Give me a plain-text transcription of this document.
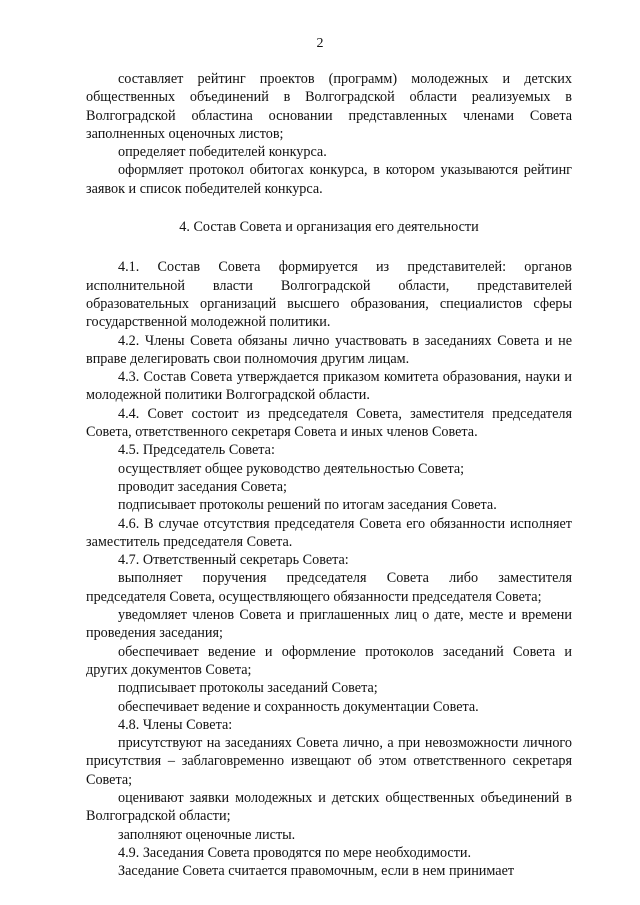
2

составляет рейтинг проектов (программ) молодежных и детских общественных объединений в Волгоградской области реализуемых в Волгоградской областина основании представленных членами Совета заполненных оценочных листов;

определяет победителей конкурса.

оформляет протокол обитогах конкурса, в котором указываются рейтинг заявок и список победителей конкурса.

4. Состав Совета и организация его деятельности

4.1. Состав Совета формируется из представителей: органов исполнительной власти Волгоградской области, представителей образовательных организаций высшего образования, специалистов сферы государственной молодежной политики.

4.2. Члены Совета обязаны лично участвовать в заседаниях Совета и не вправе делегировать свои полномочия другим лицам.

4.3. Состав Совета утверждается приказом комитета образования, науки и молодежной политики Волгоградской области.

4.4. Совет состоит из председателя Совета, заместителя председателя Совета, ответственного секретаря Совета и иных членов Совета.

4.5. Председатель Совета:

осуществляет общее руководство деятельностью Совета;

проводит заседания Совета;

подписывает протоколы решений по итогам заседания Совета.

4.6. В случае отсутствия председателя Совета его обязанности исполняет заместитель председателя Совета.

4.7. Ответственный секретарь Совета:

выполняет поручения председателя Совета либо заместителя председателя Совета, осуществляющего обязанности председателя Совета;

уведомляет членов Совета и приглашенных лиц о дате, месте и времени проведения заседания;

обеспечивает ведение и оформление протоколов заседаний Совета и других документов Совета;

подписывает протоколы заседаний Совета;

обеспечивает ведение и сохранность документации Совета.

4.8. Члены Совета:

присутствуют на заседаниях Совета лично, а при невозможности личного присутствия – заблаговременно извещают об этом ответственного секретаря Совета;

оценивают заявки молодежных и детских общественных объединений в Волгоградской области;

заполняют оценочные листы.

4.9. Заседания Совета проводятся по мере необходимости.

Заседание Совета считается правомочным, если в нем принимает
